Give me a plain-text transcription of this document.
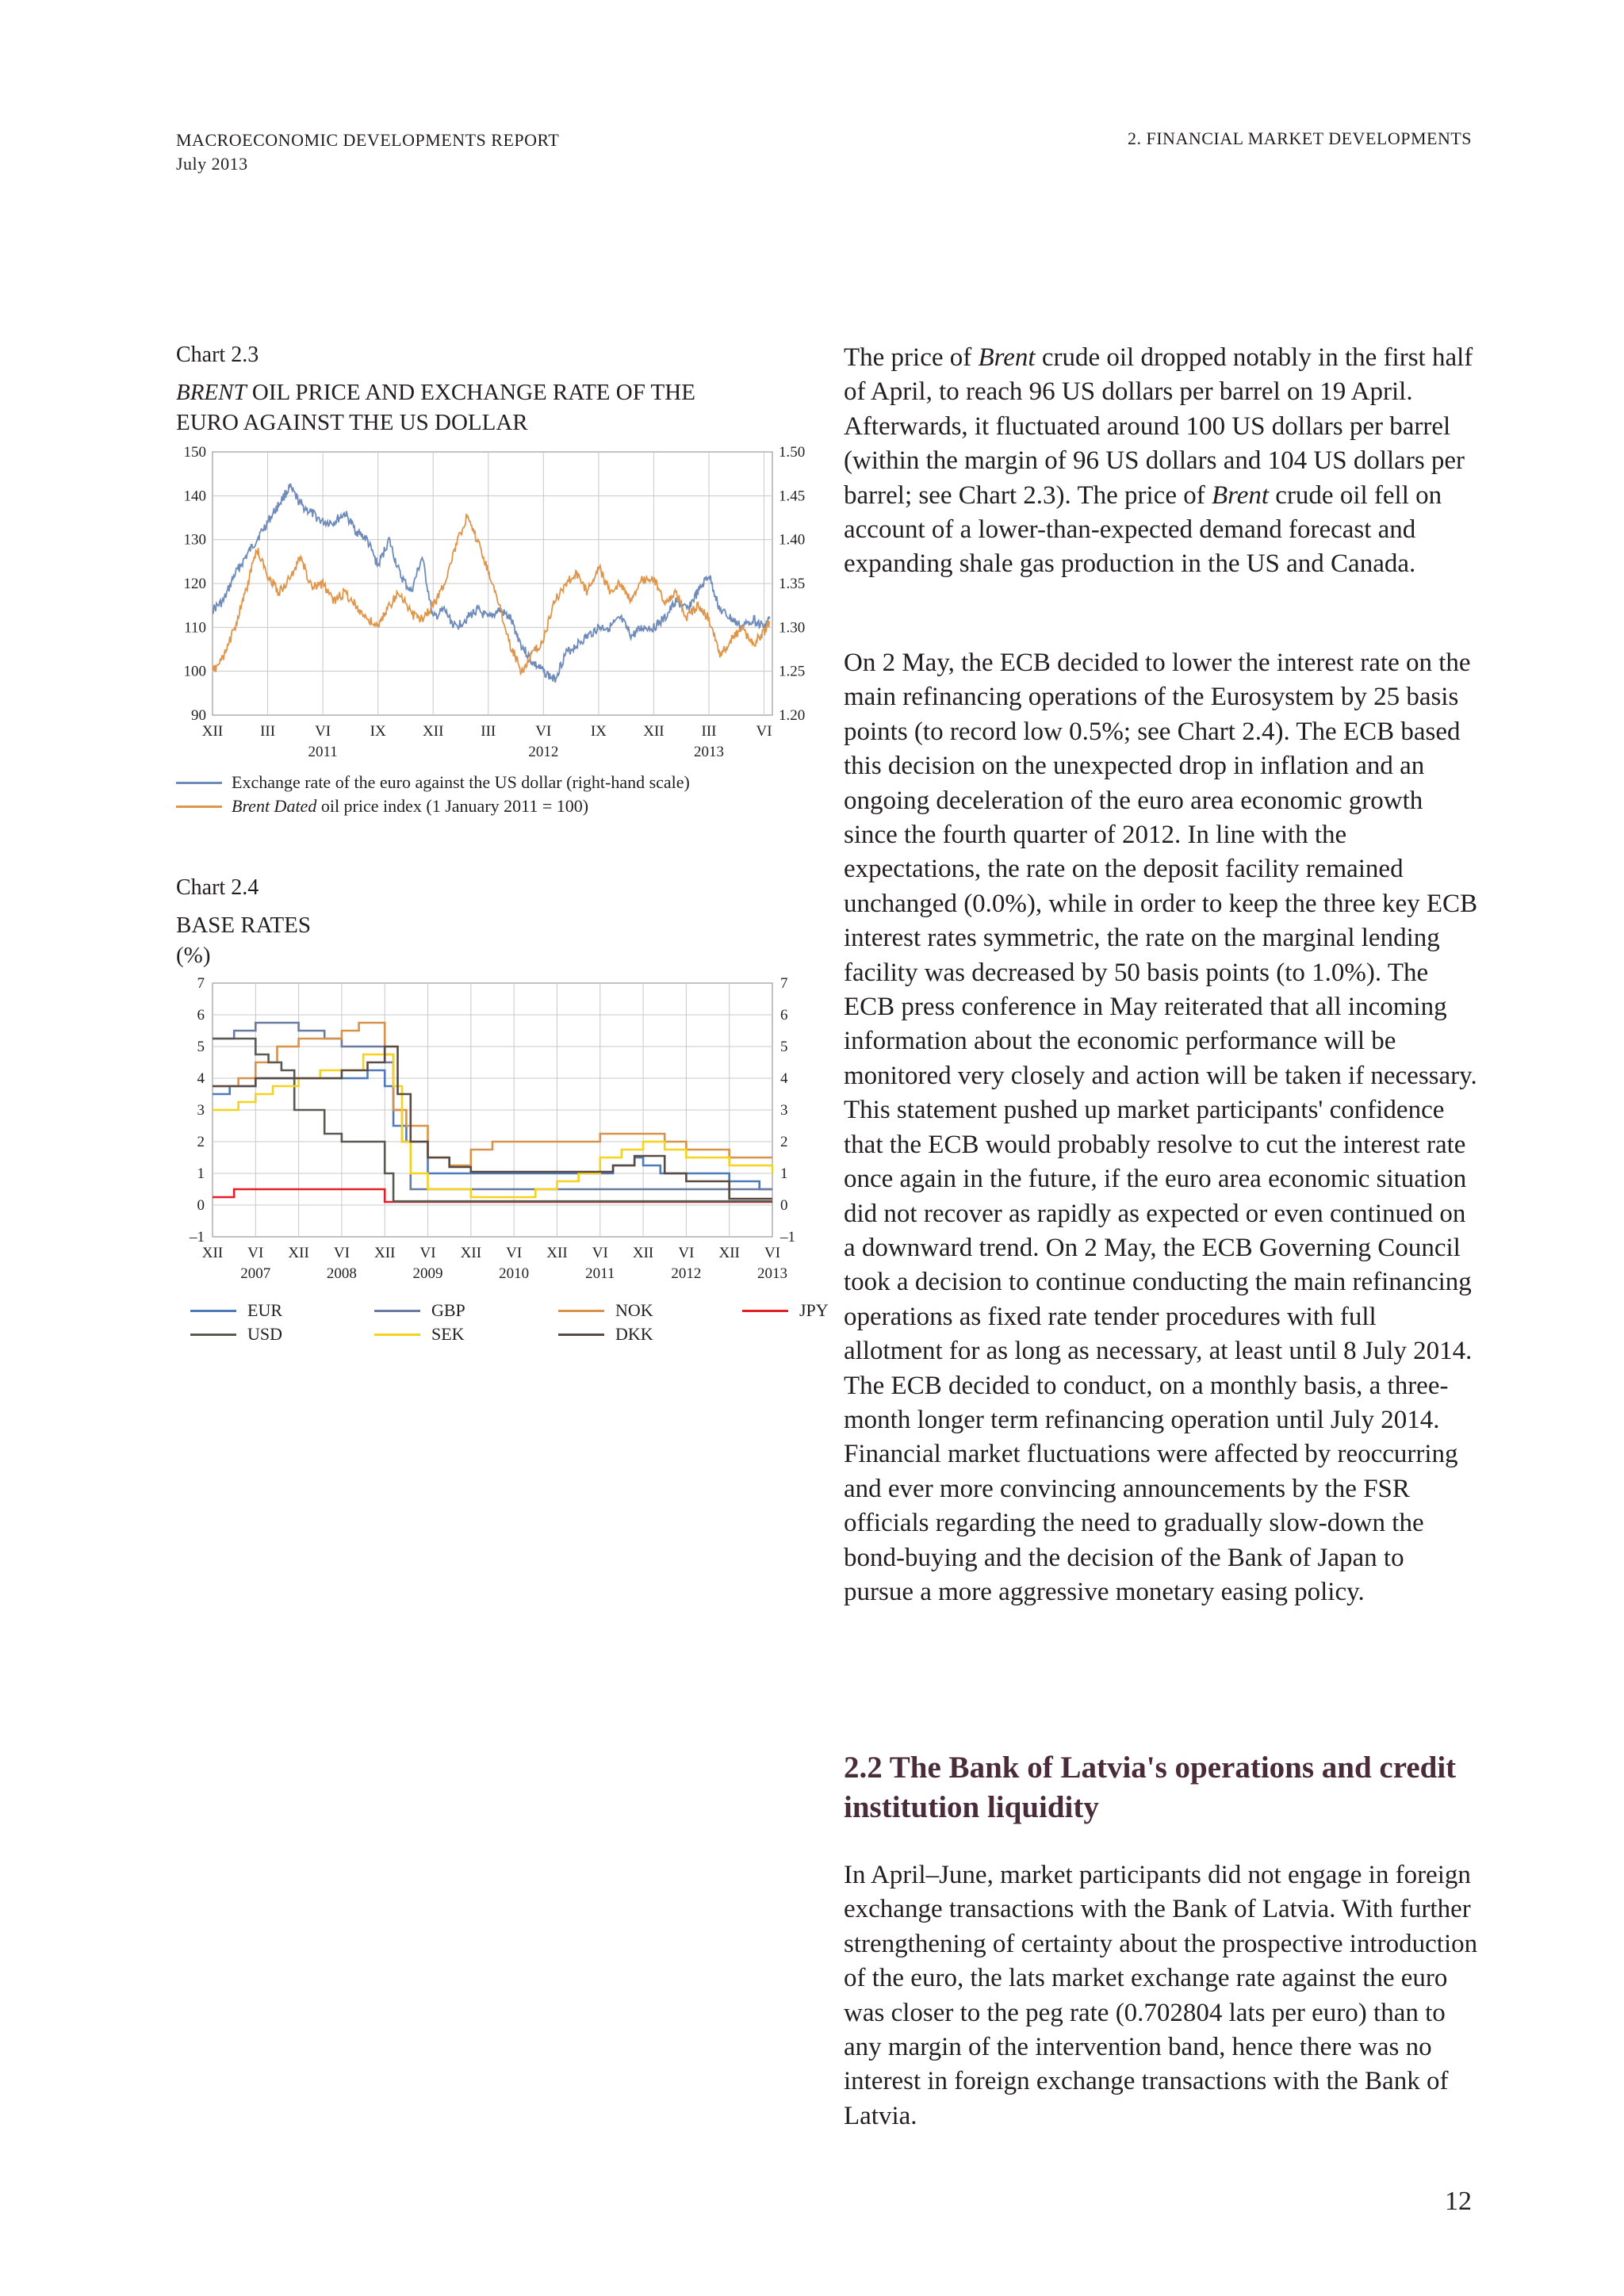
MACROECONOMIC DEVELOPMENTS REPORT
July 2013
2. FINANCIAL MARKET DEVELOPMENTS
Chart 2.3
BRENT OIL PRICE AND EXCHANGE RATE OF THE
EURO AGAINST THE US DOLLAR
90	1.20
100	1.25
110	1.30
120	1.35
130	1.40
140	1.45
150	1.50
XII III	VI	IX XII III	VI	IX XII III	VI
2011	2012	2013
Exchange rate of the euro against the US dollar (right-hand scale)
Brent Dated oil price index (1 January 2011 = 100)
Chart 2.4
BASE RATES
(%)
–1	–1
0	0
1	1
2	2
3	3
4	4
5	5
6	6
7	7
XII VI XII VI XII VI XII VI XII VI XII VI XII VI
2007	2008	2009	2010	2011	2012	2013
EUR	GBP	NOK	JPY
USD	SEK	DKK

The price of Brent crude oil dropped notably in the first half of April, to reach 96 US dollars per barrel on 19 April. Afterwards, it fluctuated around 100 US dollars per barrel (within the margin of 96 US dollars and 104 US dollars per barrel; see Chart 2.3). The price of Brent crude oil fell on account of a lower-than-expected demand forecast and expanding shale gas production in the US and Canada.

On 2 May, the ECB decided to lower the interest rate on the main refinancing operations of the Eurosystem by 25 basis points (to record low 0.5%; see Chart 2.4). The ECB based this decision on the unexpected drop in inflation and an ongoing deceleration of the euro area economic growth since the fourth quarter of 2012. In line with the expectations, the rate on the deposit facility remained unchanged (0.0%), while in order to keep the three key ECB interest rates symmetric, the rate on the marginal lending facility was decreased by 50 basis points (to 1.0%). The ECB press conference in May reiterated that all incoming information about the economic performance will be monitored very closely and action will be taken if necessary. This statement pushed up market participants' confidence that the ECB would probably resolve to cut the interest rate once again in the future, if the euro area economic situation did not recover as rapidly as expected or even continued on a downward trend. On 2 May, the ECB Governing Council took a decision to continue conducting the main refinancing operations as fixed rate tender procedures with full allotment for as long as necessary, at least until 8 July 2014. The ECB decided to conduct, on a monthly basis, a three-month longer term refinancing operation until July 2014. Financial market fluctuations were affected by reoccurring and ever more convincing announcements by the FSR officials regarding the need to gradually slow-down the bond-buying and the decision of the Bank of Japan to pursue a more aggressive monetary easing policy.

2.2 The Bank of Latvia's operations and credit institution liquidity

In April–June, market participants did not engage in foreign exchange transactions with the Bank of Latvia. With further strengthening of certainty about the prospective introduction of the euro, the lats market exchange rate against the euro was closer to the peg rate (0.702804 lats per euro) than to any margin of the intervention band, hence there was no interest in foreign exchange transactions with the Bank of Latvia.

12
